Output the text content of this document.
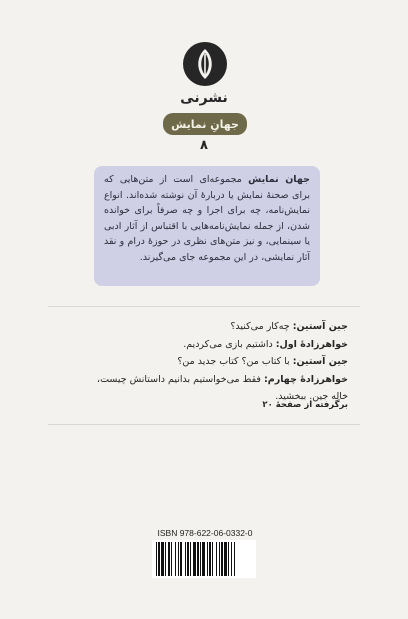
نشرنی
جهانِ نمایش
۸
جهان نمایش مجموعه‌ای است از متن‌هایی که برای صحنهٔ نمایش یا دربارهٔ آن نوشته شده‌اند. انواع نمایش‌نامه، چه برای اجرا و چه صرفاً برای خوانده شدن، از جمله نمایش‌نامه‌هایی با اقتباس از آثار ادبی یا سینمایی، و نیز متن‌های نظری در حوزهٔ درام و نقد آثار نمایشی، در این مجموعه جای می‌گیرند.
جین آستین: چه‌کار می‌کنید؟
خواهرزادهٔ اول: داشتیم بازی می‌کردیم.
جین آستین: با کتاب من؟ کتاب جدید من؟
خواهرزادهٔ چهارم: فقط می‌خواستیم بدانیم داستانش چیست،
خاله جین. ببخشید.
برگرفته از صفحهٔ ۲۰
ISBN 978-622-06-0332-0
